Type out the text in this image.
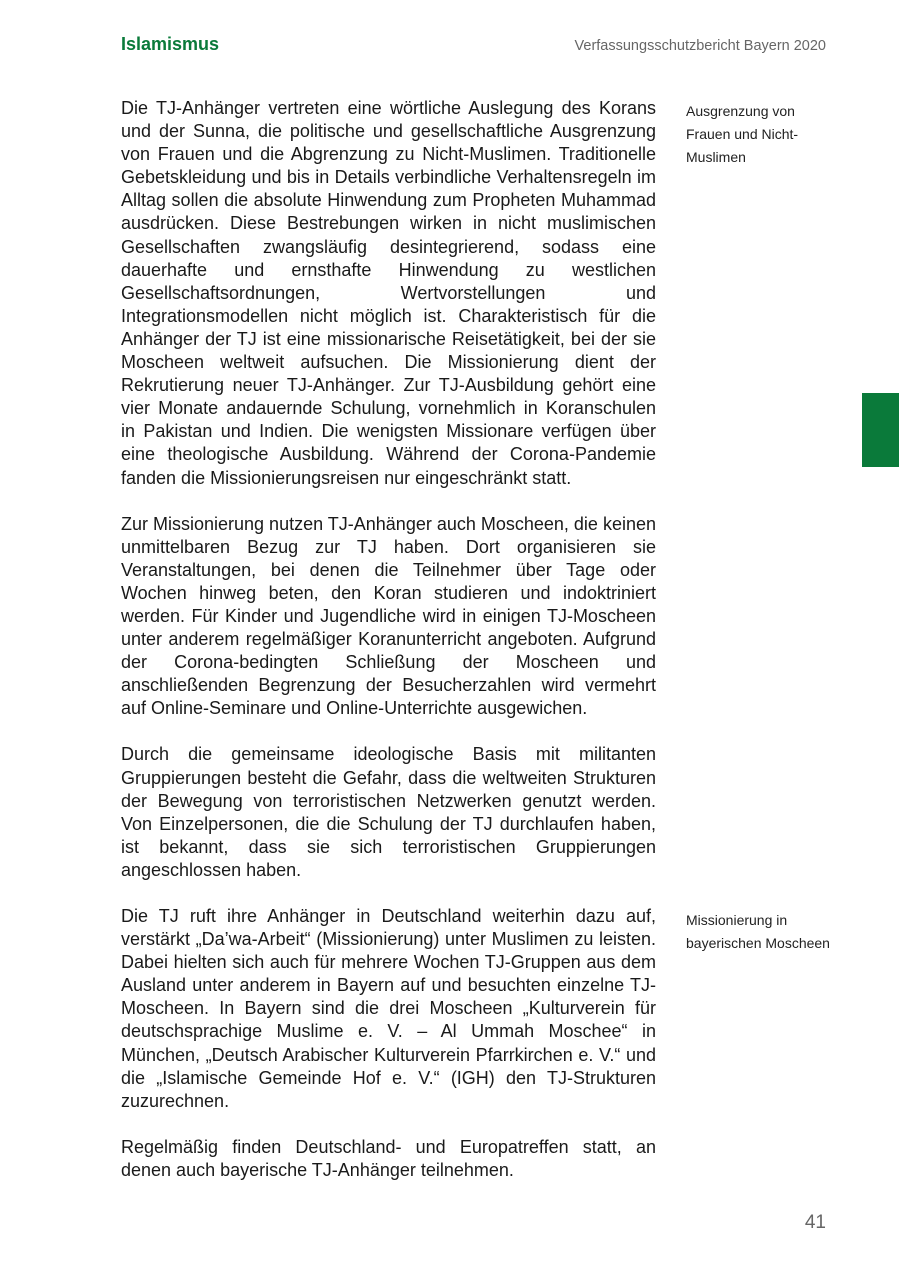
Islamismus	Verfassungsschutzbericht Bayern 2020

Die TJ-Anhänger vertreten eine wörtliche Auslegung des Korans und der Sunna, die politische und gesellschaftliche Ausgrenzung von Frauen und die Abgrenzung zu Nicht-Muslimen. Traditionelle Gebetskleidung und bis in Details verbindliche Verhaltensregeln im Alltag sollen die absolute Hinwendung zum Propheten Muhammad ausdrücken. Diese Bestrebungen wirken in nicht muslimischen Gesellschaften zwangsläufig desintegrierend, sodass eine dauerhafte und ernsthafte Hinwendung zu westlichen Gesellschaftsordnungen, Wertvorstellungen und Integrationsmodellen nicht möglich ist. Charakteristisch für die Anhänger der TJ ist eine missionarische Reisetätigkeit, bei der sie Moscheen weltweit aufsuchen. Die Missionierung dient der Rekrutierung neuer TJ-Anhänger. Zur TJ-Ausbildung gehört eine vier Monate andauernde Schulung, vornehmlich in Koranschulen in Pakistan und Indien. Die wenigsten Missionare verfügen über eine theologische Ausbildung. Während der Corona-Pandemie fanden die Missionierungsreisen nur eingeschränkt statt.

Zur Missionierung nutzen TJ-Anhänger auch Moscheen, die keinen unmittelbaren Bezug zur TJ haben. Dort organisieren sie Veranstaltungen, bei denen die Teilnehmer über Tage oder Wochen hinweg beten, den Koran studieren und indoktriniert werden. Für Kinder und Jugendliche wird in einigen TJ-Moscheen unter anderem regelmäßiger Koranunterricht angeboten. Aufgrund der Corona-bedingten Schließung der Moscheen und anschließenden Begrenzung der Besucherzahlen wird vermehrt auf Online-Seminare und Online-Unterrichte ausgewichen.

Durch die gemeinsame ideologische Basis mit militanten Gruppierungen besteht die Gefahr, dass die weltweiten Strukturen der Bewegung von terroristischen Netzwerken genutzt werden. Von Einzelpersonen, die die Schulung der TJ durchlaufen haben, ist bekannt, dass sie sich terroristischen Gruppierungen angeschlossen haben.

Die TJ ruft ihre Anhänger in Deutschland weiterhin dazu auf, verstärkt „Da’wa-Arbeit“ (Missionierung) unter Muslimen zu leisten. Dabei hielten sich auch für mehrere Wochen TJ-Gruppen aus dem Ausland unter anderem in Bayern auf und besuchten einzelne TJ-Moscheen. In Bayern sind die drei Moscheen „Kulturverein für deutschsprachige Muslime e. V. – Al Ummah Moschee“ in München, „Deutsch Arabischer Kulturverein Pfarrkirchen e. V.“ und die „Islamische Gemeinde Hof e. V.“ (IGH) den TJ-Strukturen zuzurechnen.

Regelmäßig finden Deutschland- und Europatreffen statt, an denen auch bayerische TJ-Anhänger teilnehmen.

Ausgrenzung von Frauen und Nicht-Muslimen
Missionierung in bayerischen Moscheen
41
